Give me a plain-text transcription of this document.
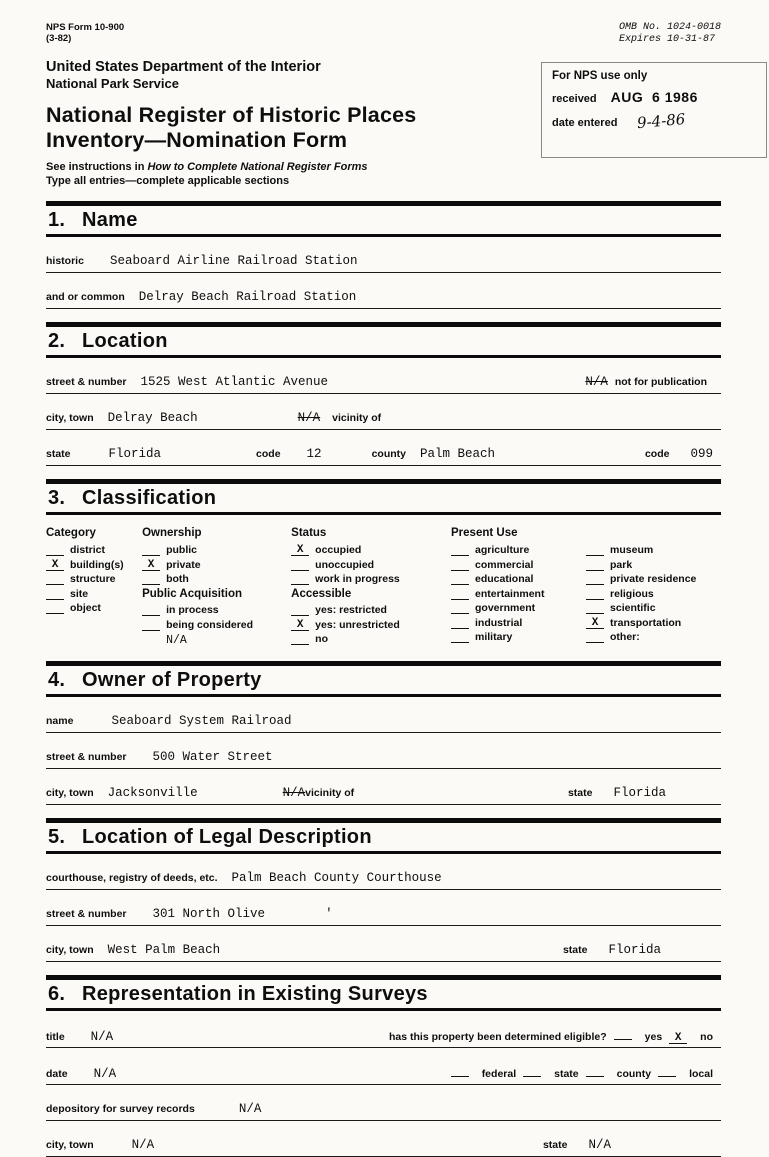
NPS Form 10-900
(3-82)
OMB No. 1024-0018
Expires 10-31-87
United States Department of the Interior
National Park Service
National Register of Historic Places
Inventory—Nomination Form
See instructions in How to Complete National Register Forms
Type all entries—complete applicable sections
For NPS use only
received AUG  6 1986
date entered 9-4-86
1. Name
historic	Seaboard Airline Railroad Station
and or common	Delray Beach Railroad Station
2. Location
street & number	1525 West Atlantic Avenue	N/A not for publication
city, town	Delray Beach	N/A vicinity of
state	Florida	code	12	county	Palm Beach	code	099
3. Classification
Category
district
X	building(s)
structure
site
object
Ownership
public
X	private
both
Public Acquisition
in process
being considered
N/A
Status
X	occupied
unoccupied
work in progress
Accessible
yes: restricted
X	yes: unrestricted
no
Present Use
agriculture
commercial
educational
entertainment
government
industrial
military
museum
park
private residence
religious
scientific
X	transportation
other:
4. Owner of Property
name	Seaboard System Railroad
street & number	500 Water Street
city, town	Jacksonville	N/A vicinity of	state	Florida
5. Location of Legal Description
courthouse, registry of deeds, etc.	Palm Beach County Courthouse
street & number	301 North Olive	'
city, town	West Palm Beach	state	Florida
6. Representation in Existing Surveys
title	N/A	has this property been determined eligible?	yes	X	no
date	N/A	federal	state	county	local
depository for survey records	N/A
city, town	N/A	state	N/A
